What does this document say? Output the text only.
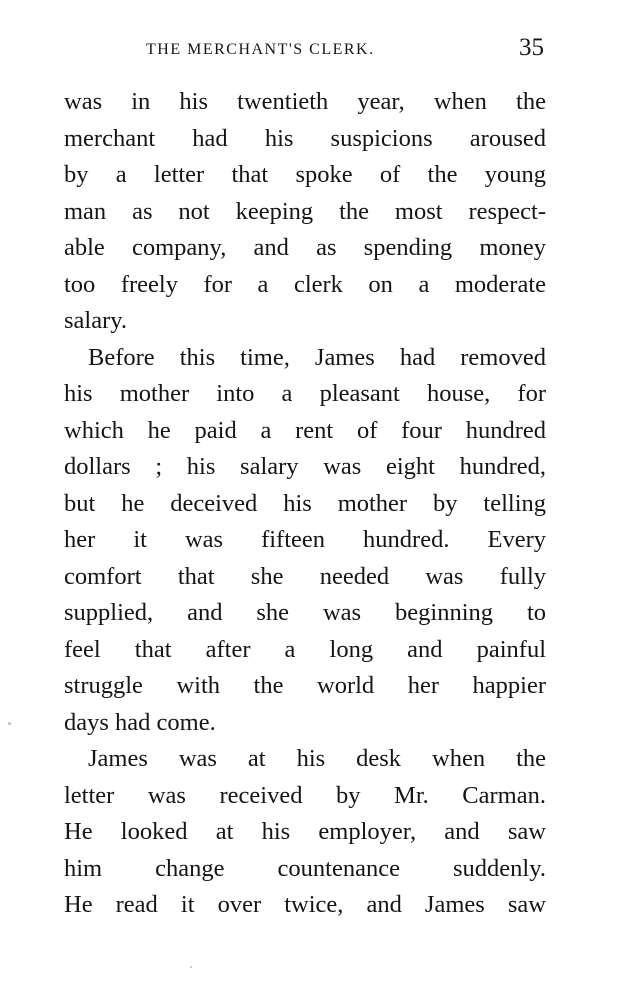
THE MERCHANT'S CLERK.	35
was in his twentieth year, when the
merchant had his suspicions aroused
by a letter that spoke of the young
man as not keeping the most respect-
able company, and as spending money
too freely for a clerk on a moderate
salary.
Before this time, James had removed
his mother into a pleasant house, for
which he paid a rent of four hundred
dollars ; his salary was eight hundred,
but he deceived his mother by telling
her it was fifteen hundred. Every
comfort that she needed was fully
supplied, and she was beginning to
feel that after a long and painful
struggle with the world her happier
days had come.
James was at his desk when the
letter was received by Mr. Carman.
He looked at his employer, and saw
him change countenance suddenly.
He read it over twice, and James saw
